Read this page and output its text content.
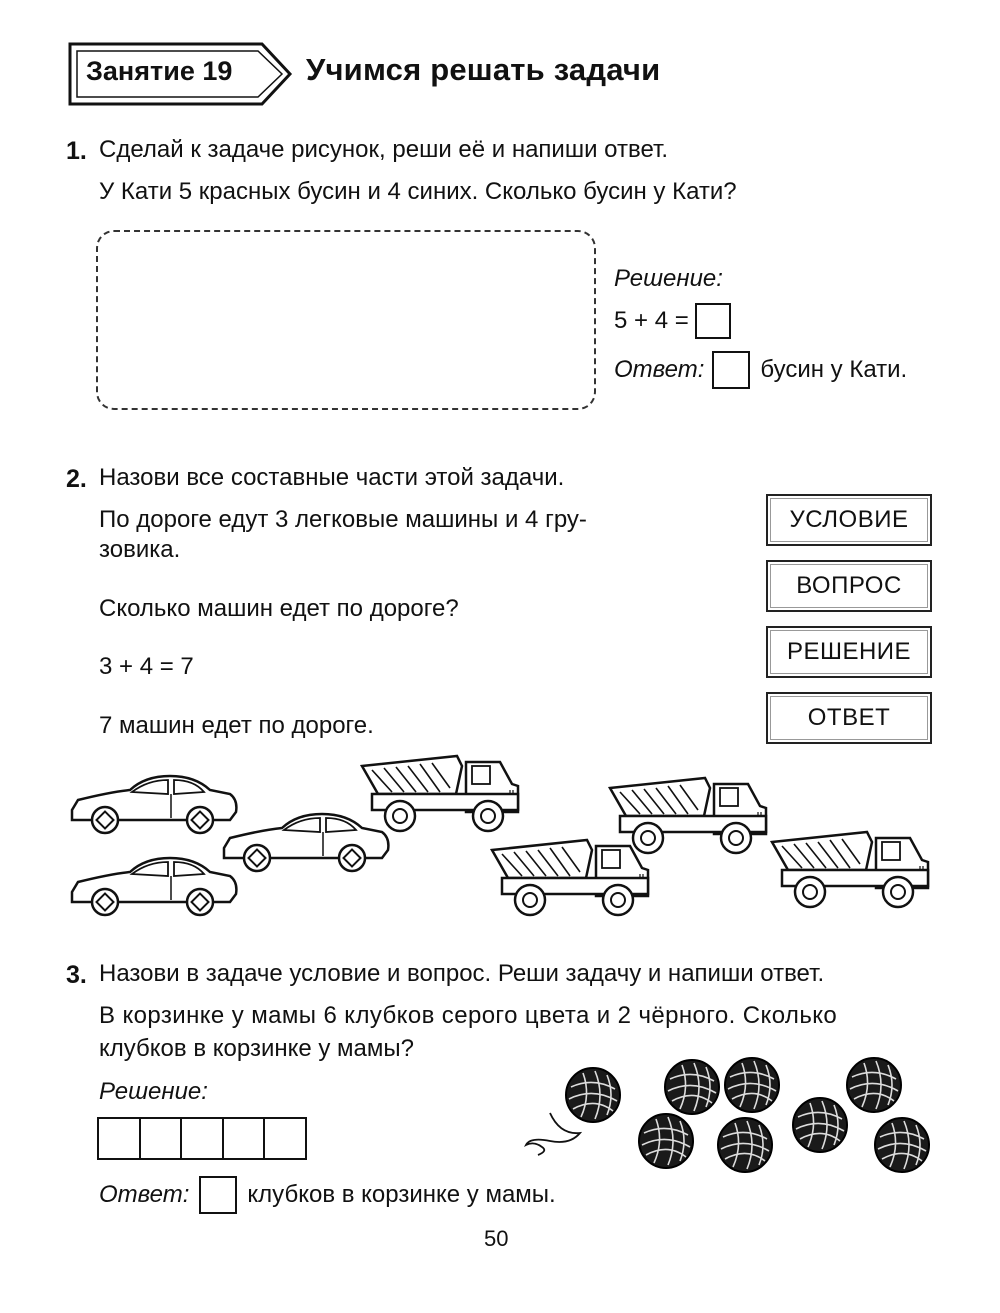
Занятие 19 Учимся решать задачи
1. Сделай к задаче рисунок, реши её и напиши ответ.
У Кати 5 красных бусин и 4 синих. Сколько бусин у Кати?
Решение:
5 + 4 =
Ответ: бусин у Кати.
2. Назови все составные части этой задачи.
По дороге едут 3 легковые машины и 4 гру-
зовика.
Сколько машин едет по дороге?
3 + 4 = 7
7 машин едет по дороге.
УСЛОВИЕ
ВОПРОС
РЕШЕНИЕ
ОТВЕТ
3. Назови в задаче условие и вопрос. Реши задачу и напиши ответ.
В корзинке у мамы 6 клубков серого цвета и 2 чёрного. Сколько
клубков в корзинке у мамы?
Решение:
Ответ: клубков в корзинке у мамы.
50
